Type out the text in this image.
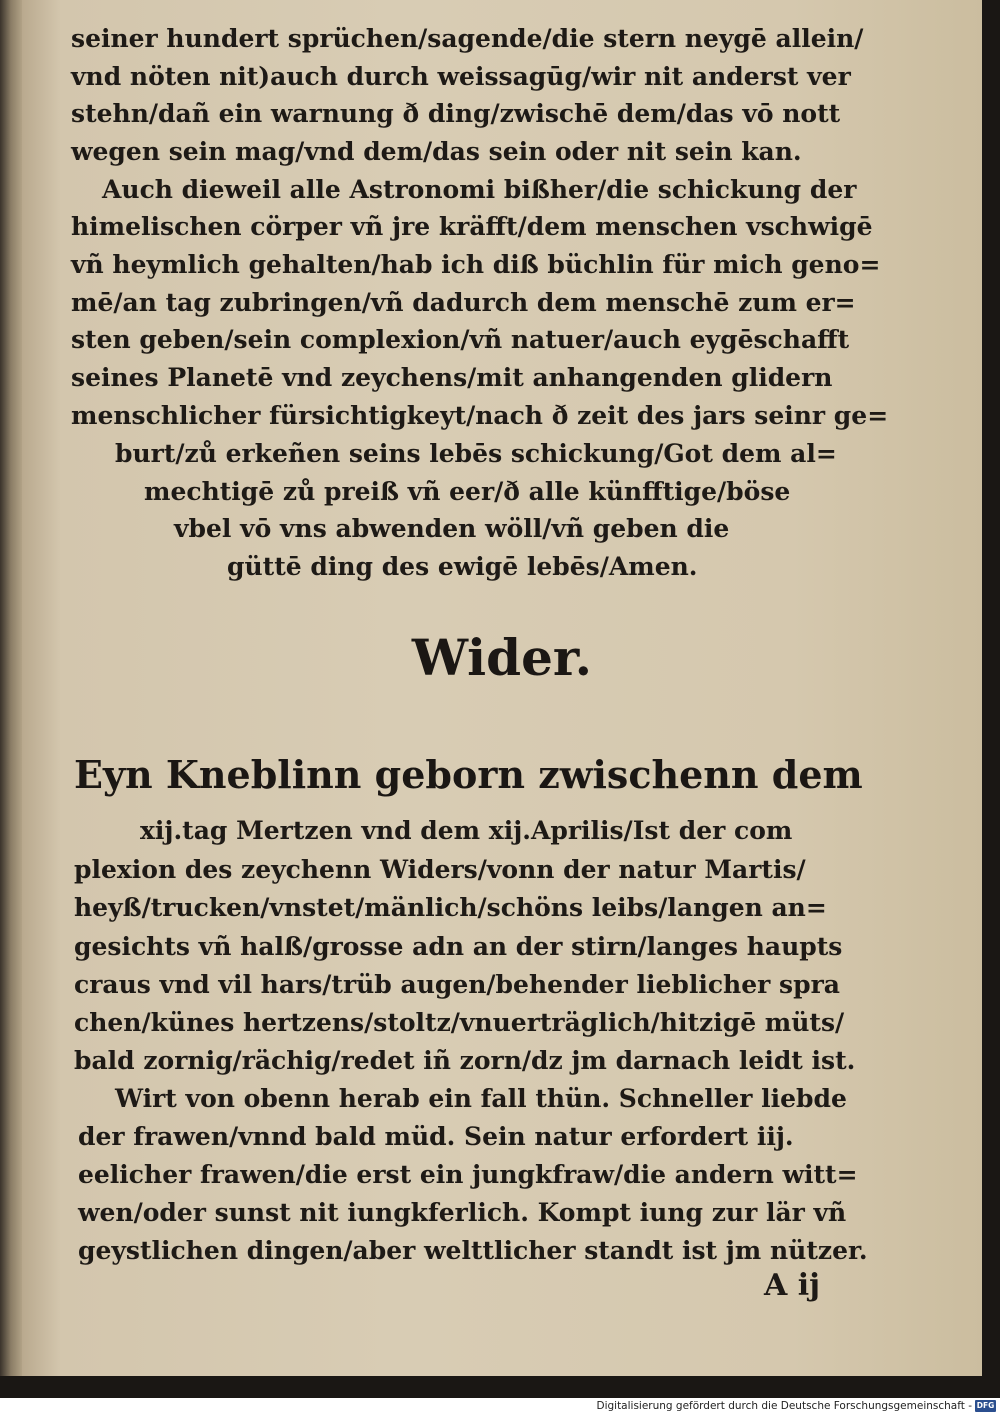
seiner hundert sprüchen/sagende/die stern neygē allein/
vnd nöten nit)auch durch weissagūg/wir nit anderst ver
stehn/dañ ein warnung ð ding/zwischē dem/das vō nott
wegen sein mag/vnd dem/das sein oder nit sein kan.
Auch dieweil alle Astronomi bißher/die schickung der
himelischen cörper vñ jre kräfft/dem menschen vschwigē
vñ heymlich gehalten/hab ich diß büchlin für mich geno=
mē/an tag zubringen/vñ dadurch dem menschē zum er=
sten geben/sein complexion/vñ natuer/auch eygēschafft
seines Planetē vnd zeychens/mit anhangenden glidern
menschlicher fürsichtigkeyt/nach ð zeit des jars seinr ge=
burt/zů erkeñen seins lebēs schickung/Got dem al=
mechtigē zů preiß vñ eer/ð alle künfftige/böse
vbel vō vns abwenden wöll/vñ geben die
güttē ding des ewigē lebēs/Amen.
Wider.
Eyn Kneblinn geborn zwischenn dem
xij.tag Mertzen vnd dem xij.Aprilis/Ist der com
plexion des zeychenn Widers/vonn der natur Martis/
heyß/trucken/vnstet/mänlich/schöns leibs/langen an=
gesichts vñ halß/grosse adn an der stirn/langes haupts
craus vnd vil hars/trüb augen/behender lieblicher spra
chen/künes hertzens/stoltz/vnuerträglich/hitzigē müts/
bald zornig/rächig/redet iñ zorn/dz jm darnach leidt ist.
Wirt von obenn herab ein fall thün. Schneller liebde
der frawen/vnnd bald müd. Sein natur erfordert iij.
eelicher frawen/die erst ein jungkfraw/die andern witt=
wen/oder sunst nit iungkferlich. Kompt iung zur lär vñ
geystlichen dingen/aber welttlicher standt ist jm nützer.
A ij
Digitalisierung gefördert durch die Deutsche Forschungsgemeinschaft - DFG
